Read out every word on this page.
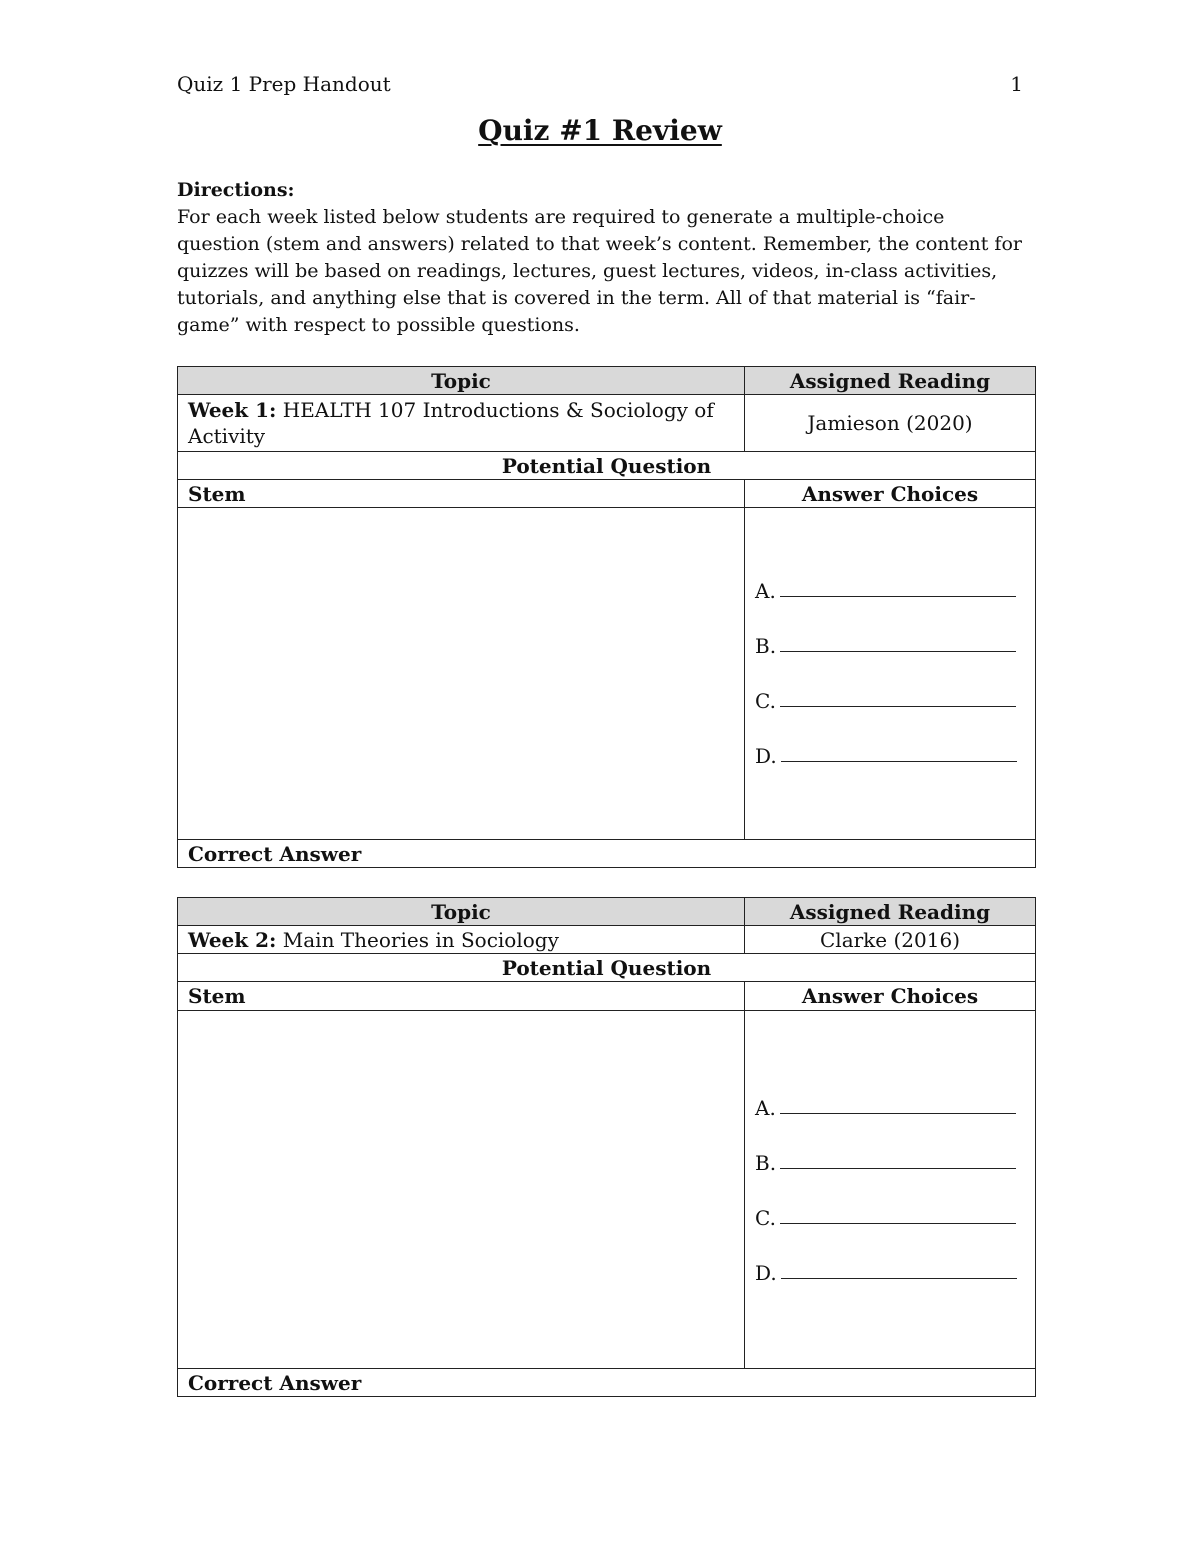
Quiz 1 Prep Handout	1
Quiz #1 Review
Directions:
For each week listed below students are required to generate a multiple-choice question (stem and answers) related to that week’s content. Remember, the content for quizzes will be based on readings, lectures, guest lectures, videos, in-class activities, tutorials, and anything else that is covered in the term. All of that material is “fair-game” with respect to possible questions.
Topic	Assigned Reading
Week 1: HEALTH 107 Introductions & Sociology of Activity	Jamieson (2020)
Potential Question	
Stem	Answer Choices

	A.
B.
C.
D.

Correct Answer	
Topic	Assigned Reading
Week 2: Main Theories in Sociology	Clarke (2016)
Potential Question	
Stem	Answer Choices

	A.
B.
C.
D.

Correct Answer	
